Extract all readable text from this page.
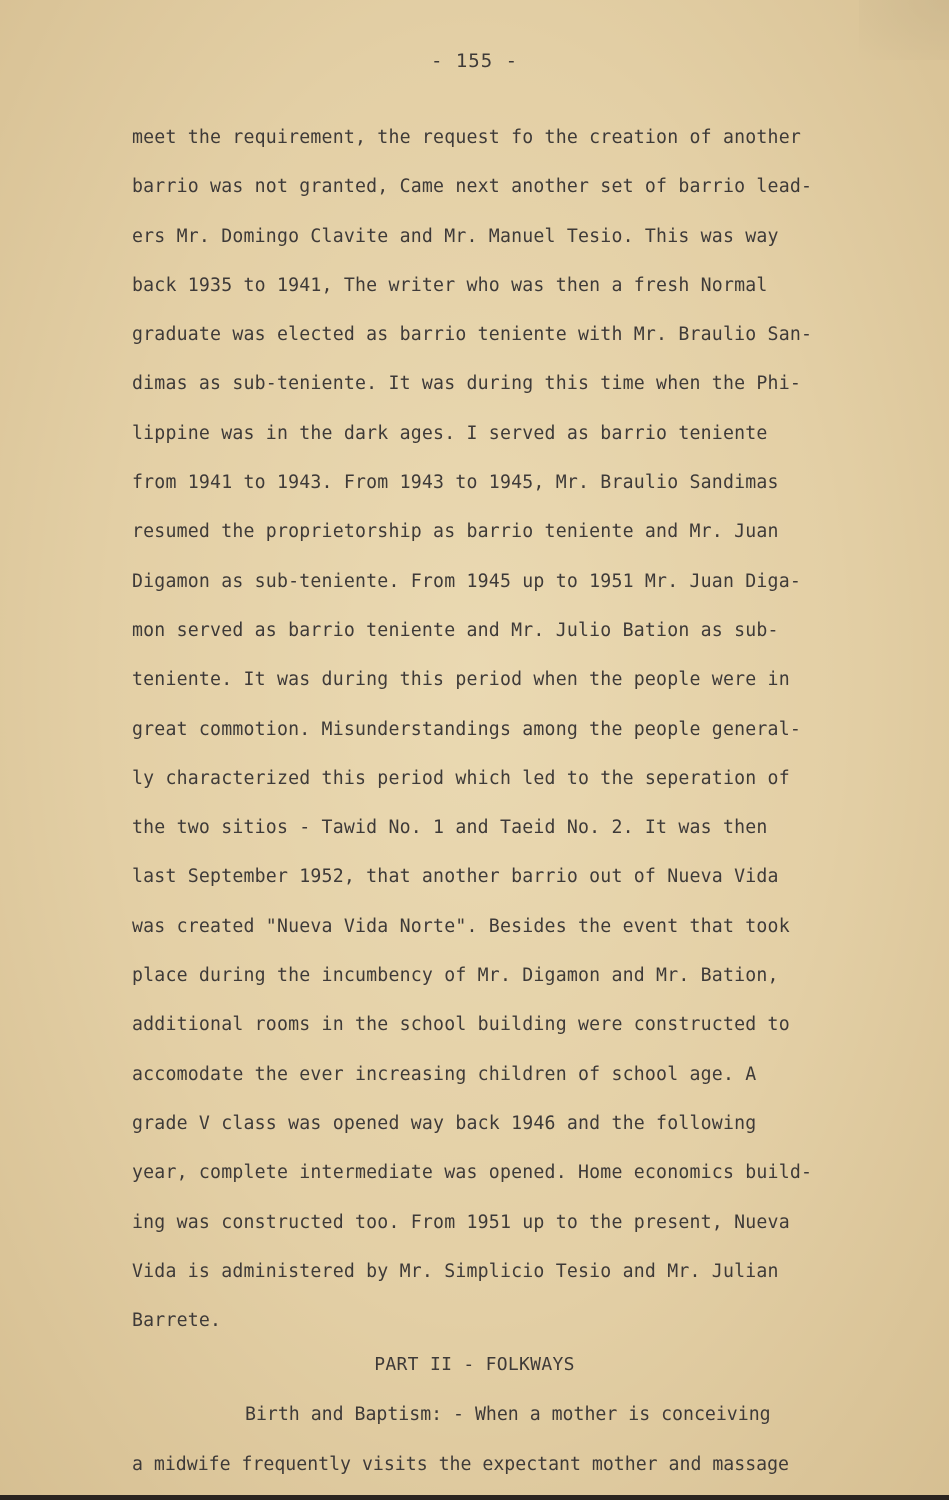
- 155 -
meet the requirement, the request fo the creation of another
barrio was not granted, Came next another set of barrio lead-
ers Mr. Domingo Clavite and Mr. Manuel Tesio. This was way
back 1935 to 1941, The writer who was then a fresh Normal
graduate was elected as barrio teniente with Mr. Braulio San-
dimas as sub-teniente. It was during this time when the Phi-
lippine was in the dark ages. I served as barrio teniente
from 1941 to 1943. From 1943 to 1945, Mr. Braulio Sandimas
resumed the proprietorship as barrio teniente and Mr. Juan
Digamon as sub-teniente. From 1945 up to 1951 Mr. Juan Diga-
mon served as barrio teniente and Mr. Julio Bation as sub-
teniente. It was during this period when the people were in
great commotion. Misunderstandings among the people general-
ly characterized this period which led to the seperation of
the two sitios - Tawid No. 1 and Taeid No. 2. It was then
last September 1952, that another barrio out of Nueva Vida
was created "Nueva Vida Norte". Besides the event that took
place during the incumbency of Mr. Digamon and Mr. Bation,
additional rooms in the school building were constructed to
accomodate the ever increasing children of school age. A
grade V class was opened way back 1946 and the following
year, complete intermediate was opened. Home economics build-
ing was constructed too. From 1951 up to the present, Nueva
Vida is administered by Mr. Simplicio Tesio and Mr. Julian
Barrete.
PART II - FOLKWAYS
Birth and Baptism: - When a mother is conceiving
a midwife frequently visits the expectant mother and massage
